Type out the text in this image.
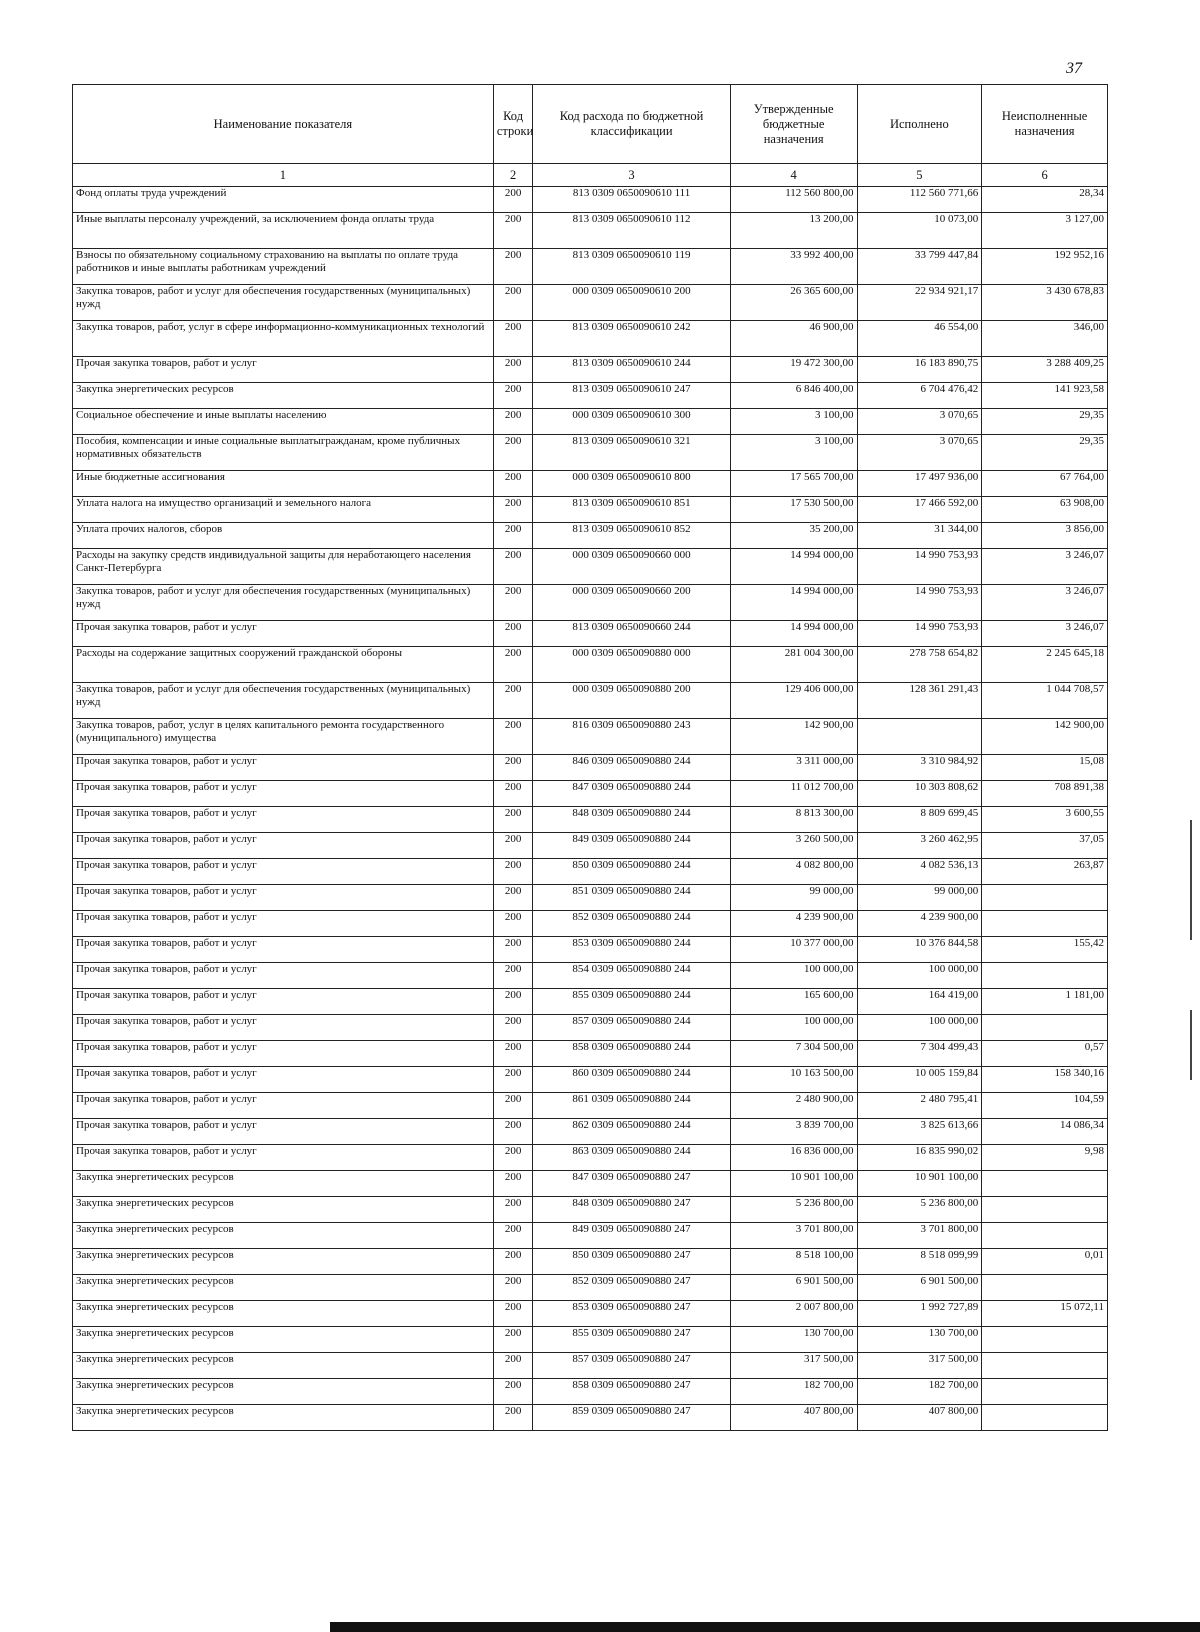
37
Наименование показателя	Код строки	Код расхода по бюджетной классификации	Утвержденные бюджетные назначения	Исполнено	Неисполненные назначения
1	2	3	4	5	6
Фонд оплаты труда учреждений	200	813 0309 0650090610 111	112 560 800,00	112 560 771,66	28,34
Иные выплаты персоналу учреждений, за исключением фонда оплаты труда	200	813 0309 0650090610 112	13 200,00	10 073,00	3 127,00
Взносы по обязательному социальному страхованию на выплаты по оплате труда работников и иные выплаты работникам учреждений	200	813 0309 0650090610 119	33 992 400,00	33 799 447,84	192 952,16
Закупка товаров, работ и услуг для обеспечения государственных (муниципальных) нужд	200	000 0309 0650090610 200	26 365 600,00	22 934 921,17	3 430 678,83
Закупка товаров, работ, услуг в сфере информационно-коммуникационных технологий	200	813 0309 0650090610 242	46 900,00	46 554,00	346,00
Прочая закупка товаров, работ и услуг	200	813 0309 0650090610 244	19 472 300,00	16 183 890,75	3 288 409,25
Закупка энергетических ресурсов	200	813 0309 0650090610 247	6 846 400,00	6 704 476,42	141 923,58
Социальное обеспечение и иные выплаты населению	200	000 0309 0650090610 300	3 100,00	3 070,65	29,35
Пособия, компенсации и иные социальные выплатыгражданам, кроме публичных нормативных обязательств	200	813 0309 0650090610 321	3 100,00	3 070,65	29,35
Иные бюджетные ассигнования	200	000 0309 0650090610 800	17 565 700,00	17 497 936,00	67 764,00
Уплата налога на имущество организаций и земельного налога	200	813 0309 0650090610 851	17 530 500,00	17 466 592,00	63 908,00
Уплата прочих налогов, сборов	200	813 0309 0650090610 852	35 200,00	31 344,00	3 856,00
Расходы на закупку средств индивидуальной защиты для неработающего населения Санкт-Петербурга	200	000 0309 0650090660 000	14 994 000,00	14 990 753,93	3 246,07
Закупка товаров, работ и услуг для обеспечения государственных (муниципальных) нужд	200	000 0309 0650090660 200	14 994 000,00	14 990 753,93	3 246,07
Прочая закупка товаров, работ и услуг	200	813 0309 0650090660 244	14 994 000,00	14 990 753,93	3 246,07
Расходы на содержание защитных сооружений гражданской обороны	200	000 0309 0650090880 000	281 004 300,00	278 758 654,82	2 245 645,18
Закупка товаров, работ и услуг для обеспечения государственных (муниципальных) нужд	200	000 0309 0650090880 200	129 406 000,00	128 361 291,43	1 044 708,57
Закупка товаров, работ, услуг в целях капитального ремонта государственного (муниципального) имущества	200	816 0309 0650090880 243	142 900,00		142 900,00
Прочая закупка товаров, работ и услуг	200	846 0309 0650090880 244	3 311 000,00	3 310 984,92	15,08
Прочая закупка товаров, работ и услуг	200	847 0309 0650090880 244	11 012 700,00	10 303 808,62	708 891,38
Прочая закупка товаров, работ и услуг	200	848 0309 0650090880 244	8 813 300,00	8 809 699,45	3 600,55
Прочая закупка товаров, работ и услуг	200	849 0309 0650090880 244	3 260 500,00	3 260 462,95	37,05
Прочая закупка товаров, работ и услуг	200	850 0309 0650090880 244	4 082 800,00	4 082 536,13	263,87
Прочая закупка товаров, работ и услуг	200	851 0309 0650090880 244	99 000,00	99 000,00	
Прочая закупка товаров, работ и услуг	200	852 0309 0650090880 244	4 239 900,00	4 239 900,00	
Прочая закупка товаров, работ и услуг	200	853 0309 0650090880 244	10 377 000,00	10 376 844,58	155,42
Прочая закупка товаров, работ и услуг	200	854 0309 0650090880 244	100 000,00	100 000,00	
Прочая закупка товаров, работ и услуг	200	855 0309 0650090880 244	165 600,00	164 419,00	1 181,00
Прочая закупка товаров, работ и услуг	200	857 0309 0650090880 244	100 000,00	100 000,00	
Прочая закупка товаров, работ и услуг	200	858 0309 0650090880 244	7 304 500,00	7 304 499,43	0,57
Прочая закупка товаров, работ и услуг	200	860 0309 0650090880 244	10 163 500,00	10 005 159,84	158 340,16
Прочая закупка товаров, работ и услуг	200	861 0309 0650090880 244	2 480 900,00	2 480 795,41	104,59
Прочая закупка товаров, работ и услуг	200	862 0309 0650090880 244	3 839 700,00	3 825 613,66	14 086,34
Прочая закупка товаров, работ и услуг	200	863 0309 0650090880 244	16 836 000,00	16 835 990,02	9,98
Закупка энергетических ресурсов	200	847 0309 0650090880 247	10 901 100,00	10 901 100,00	
Закупка энергетических ресурсов	200	848 0309 0650090880 247	5 236 800,00	5 236 800,00	
Закупка энергетических ресурсов	200	849 0309 0650090880 247	3 701 800,00	3 701 800,00	
Закупка энергетических ресурсов	200	850 0309 0650090880 247	8 518 100,00	8 518 099,99	0,01
Закупка энергетических ресурсов	200	852 0309 0650090880 247	6 901 500,00	6 901 500,00	
Закупка энергетических ресурсов	200	853 0309 0650090880 247	2 007 800,00	1 992 727,89	15 072,11
Закупка энергетических ресурсов	200	855 0309 0650090880 247	130 700,00	130 700,00	
Закупка энергетических ресурсов	200	857 0309 0650090880 247	317 500,00	317 500,00	
Закупка энергетических ресурсов	200	858 0309 0650090880 247	182 700,00	182 700,00	
Закупка энергетических ресурсов	200	859 0309 0650090880 247	407 800,00	407 800,00	
